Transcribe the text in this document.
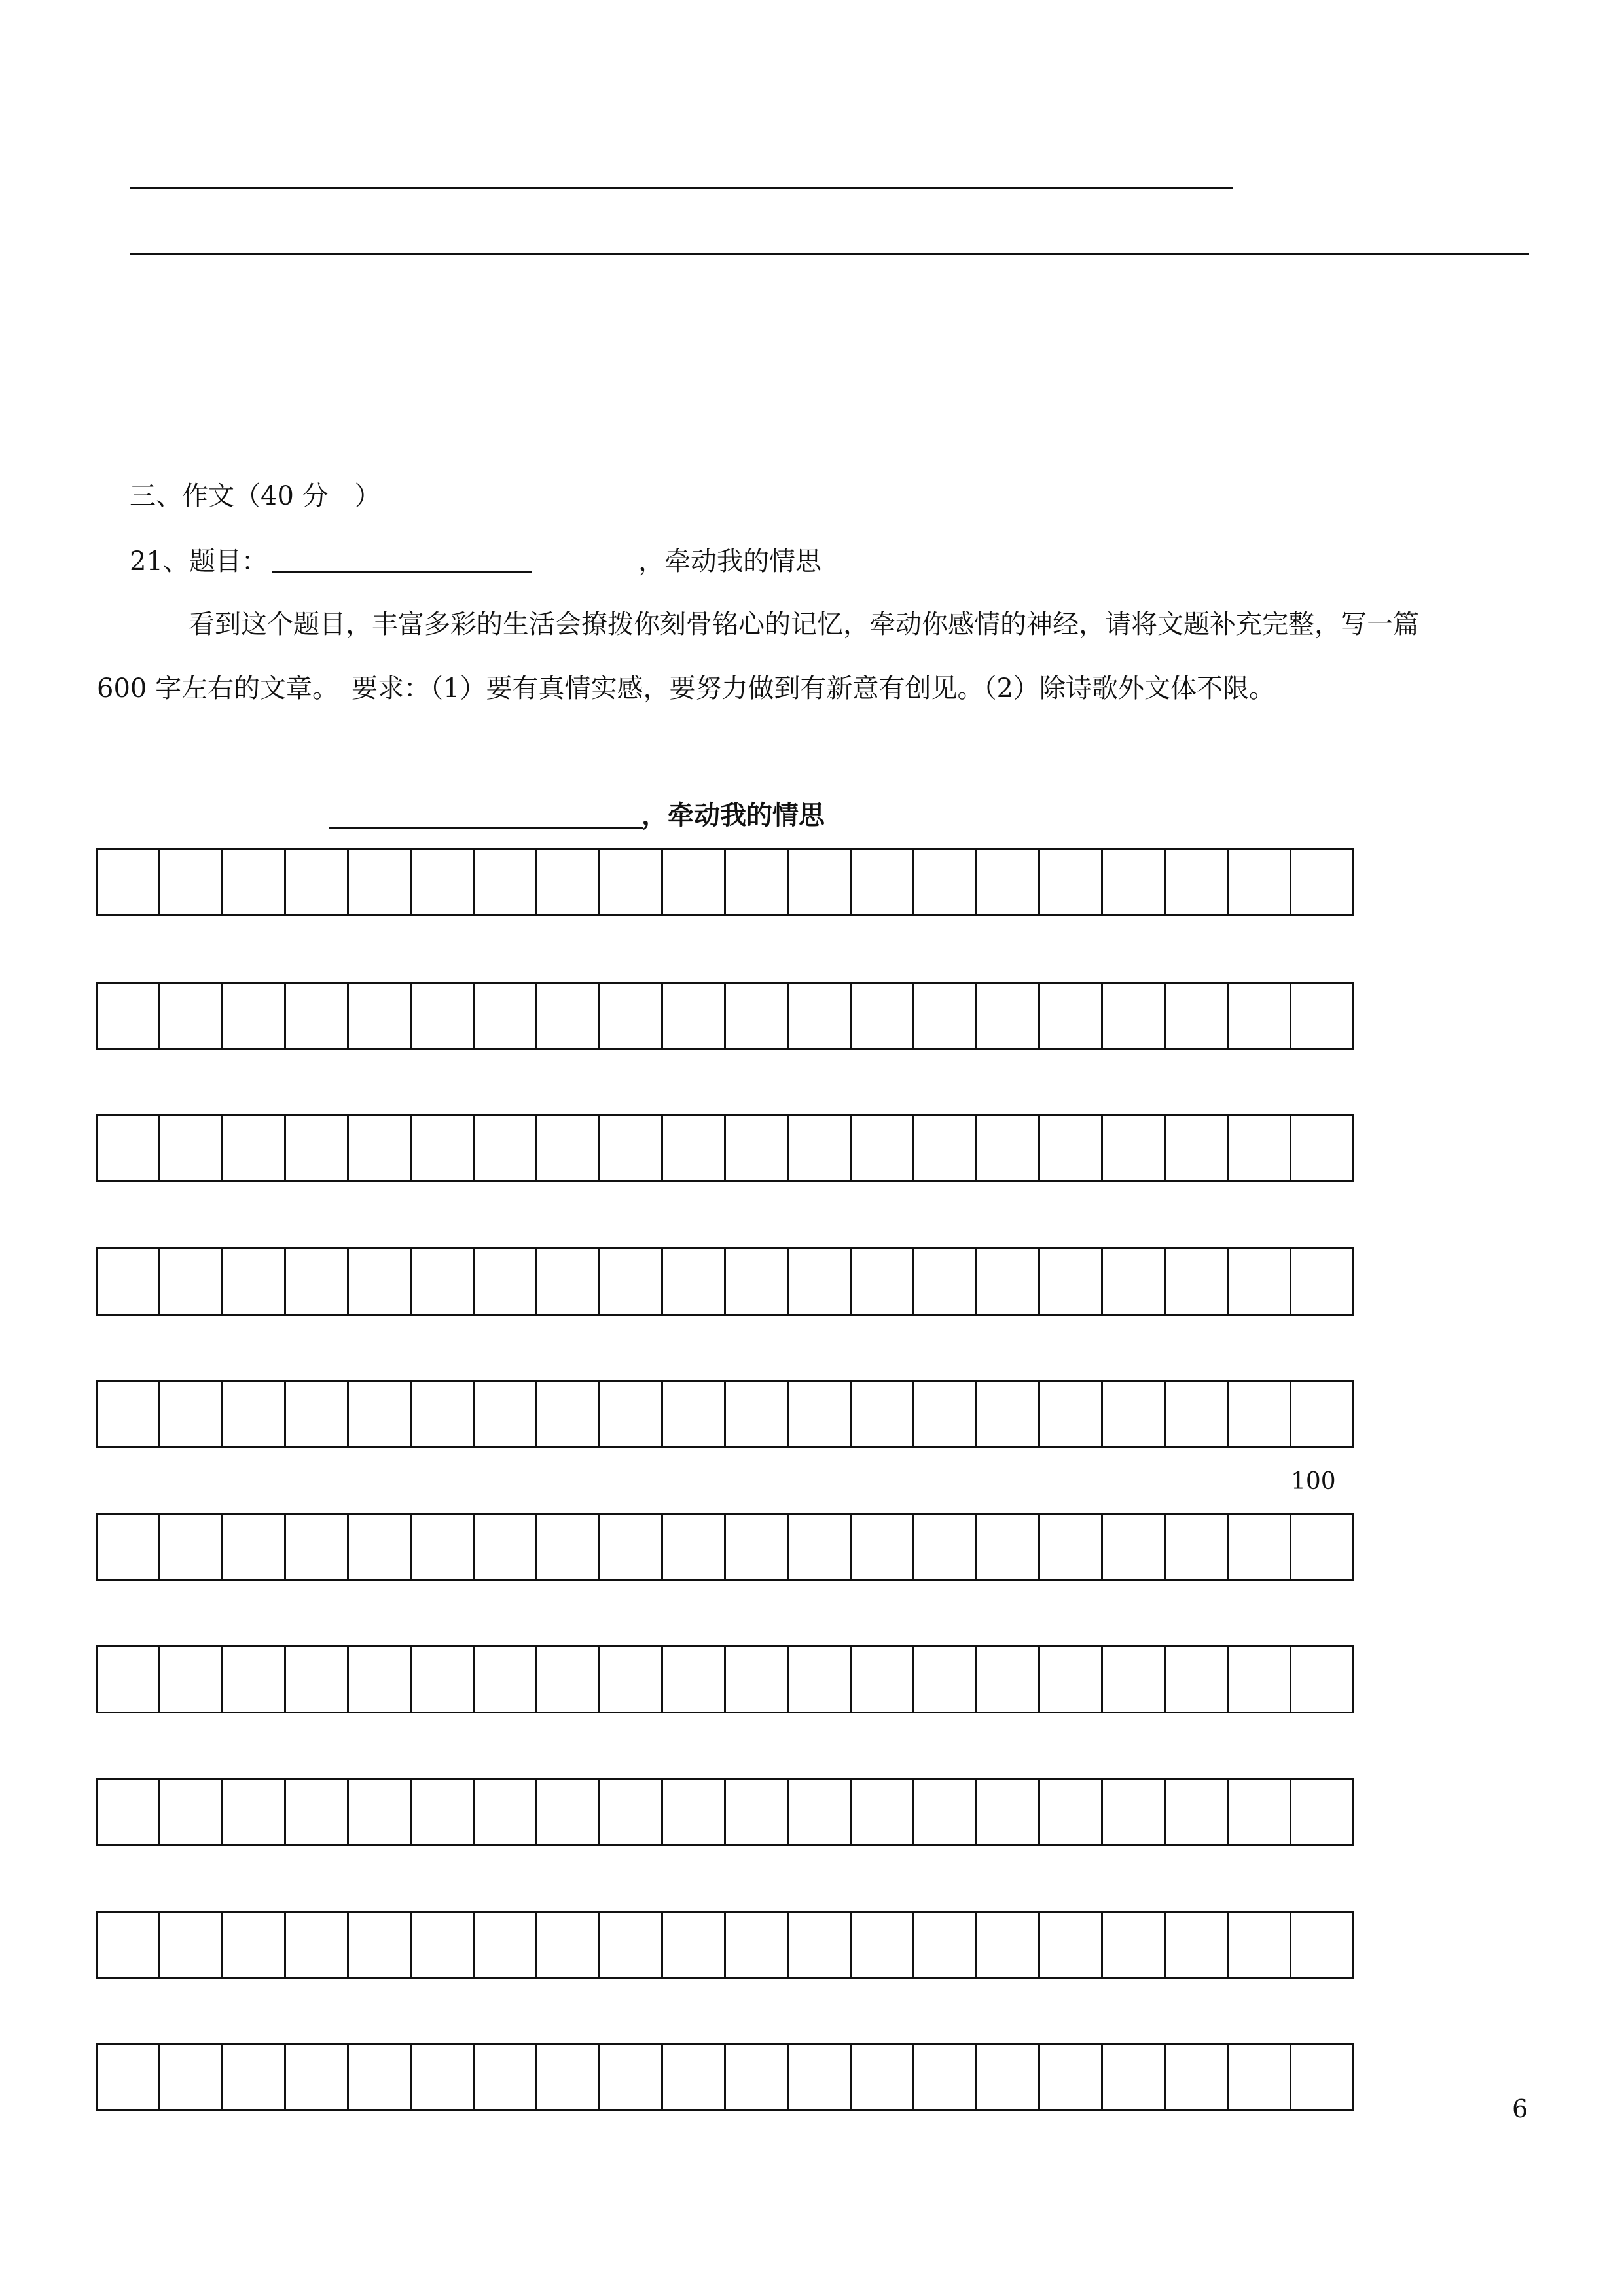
三、作文（40 分　）
21、题目：	，牵动我的情思
看到这个题目，丰富多彩的生活会撩拨你刻骨铭心的记忆，牵动你感情的神经，请将文题补充完整，写一篇
600 字左右的文章。　要求：（1）要有真情实感，要努力做到有新意有创见。（2）除诗歌外文体不限。
，牵动我的情思
100
6
